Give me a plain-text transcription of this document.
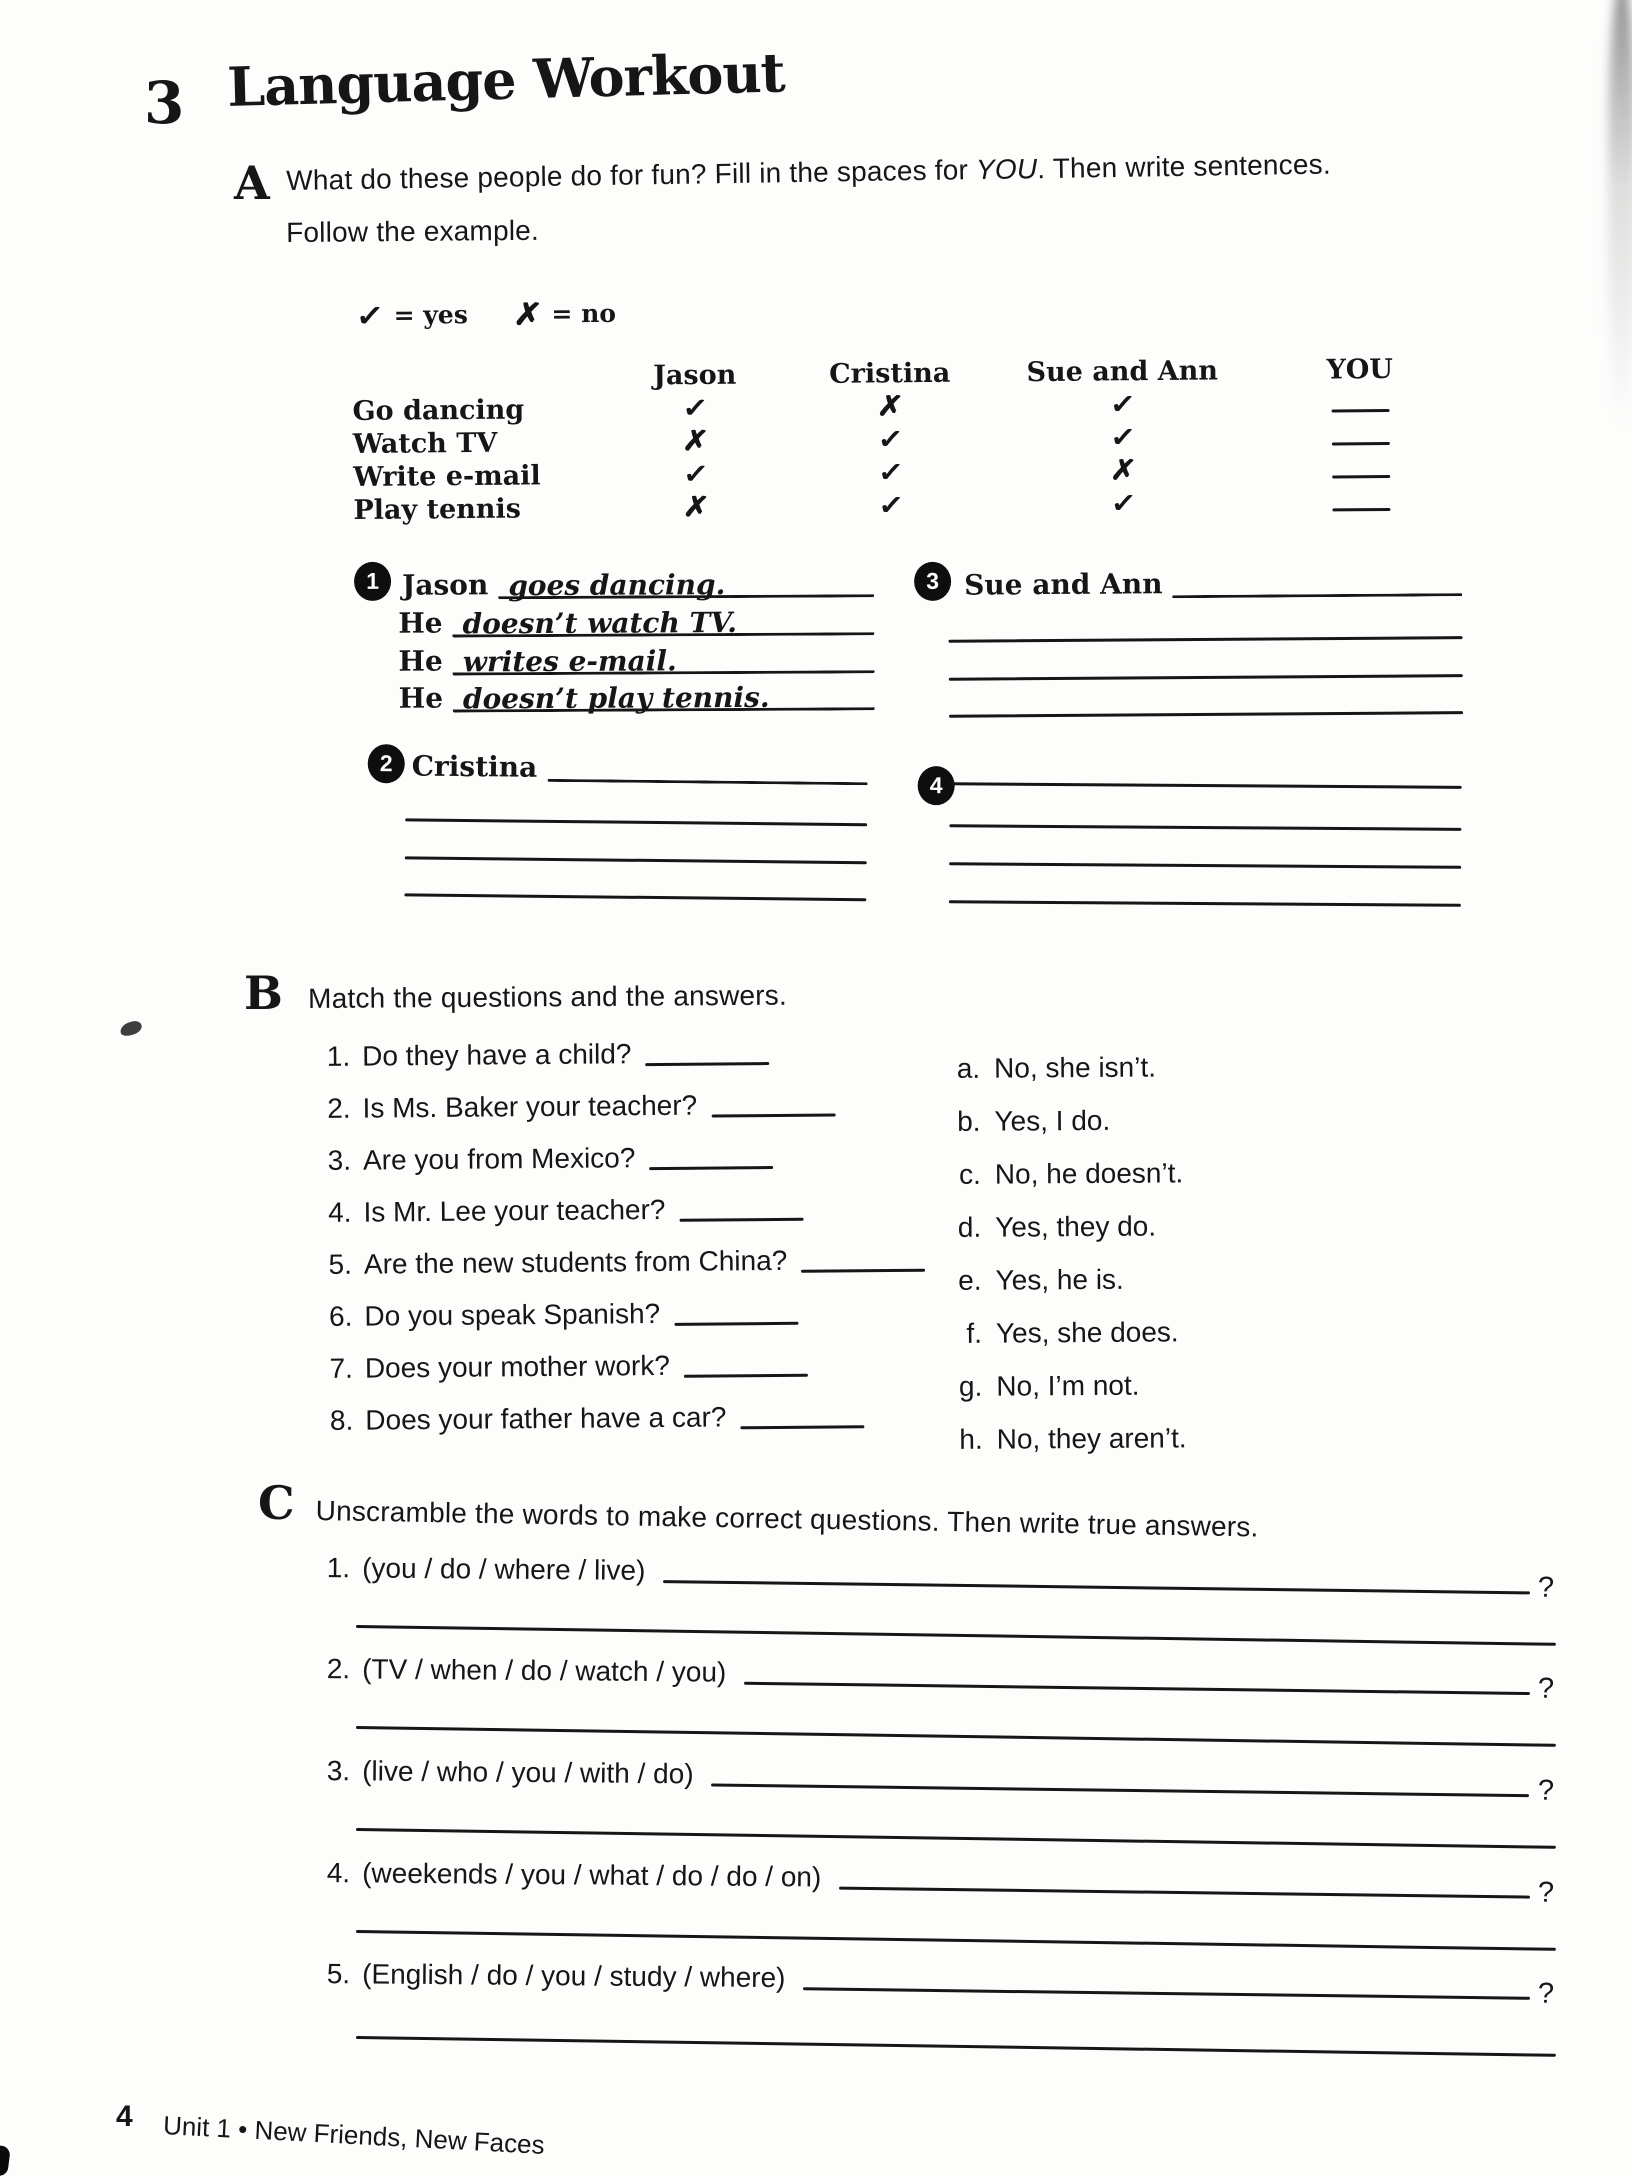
3 Language Workout
A What do these people do for fun? Fill in the spaces for YOU. Then write sentences.
Follow the example.
✓ = yes ✗ = no
Jason	Cristina	Sue and Ann	YOU
Go dancing	✓	✗	✓
Watch TV	✗	✓	✓
Write e-mail	✓	✓	✗
Play tennis	✗	✓	✓
1 Jason goes dancing.
He doesn’t watch TV.
He writes e-mail.
He doesn’t play tennis.
3 Sue and Ann
2 Cristina
4
B Match the questions and the answers.
1. Do they have a child?
2. Is Ms. Baker your teacher?
3. Are you from Mexico?
4. Is Mr. Lee your teacher?
5. Are the new students from China?
6. Do you speak Spanish?
7. Does your mother work?
8. Does your father have a car?
a. No, she isn’t.
b. Yes, I do.
c. No, he doesn’t.
d. Yes, they do.
e. Yes, he is.
f. Yes, she does.
g. No, I’m not.
h. No, they aren’t.
C Unscramble the words to make correct questions. Then write true answers.
1. (you / do / where / live)
?
2. (TV / when / do / watch / you)
?
3. (live / who / you / with / do)
?
4. (weekends / you / what / do / do / on)
?
5. (English / do / you / study / where)
?
4 Unit 1 • New Friends, New Faces
